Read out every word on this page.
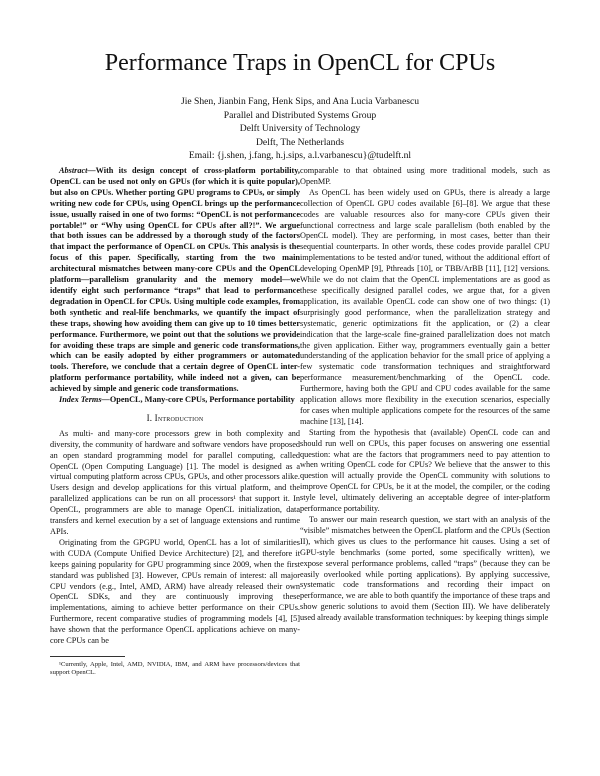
Performance Traps in OpenCL for CPUs
Jie Shen, Jianbin Fang, Henk Sips, and Ana Lucia Varbanescu
Parallel and Distributed Systems Group
Delft University of Technology
Delft, The Netherlands
Email: {j.shen, j.fang, h.j.sips, a.l.varbanescu}@tudelft.nl

Abstract—With its design concept of cross-platform portability, OpenCL can be used not only on GPUs (for which it is quite popular), but also on CPUs. Whether porting GPU programs to CPUs, or simply writing new code for CPUs, using OpenCL brings up the performance issue, usually raised in one of two forms: “OpenCL is not performance portable!” or “Why using OpenCL for CPUs after all?!”. We argue that both issues can be addressed by a thorough study of the factors that impact the performance of OpenCL on CPUs. This analysis is the focus of this paper. Specifically, starting from the two main architectural mismatches between many-core CPUs and the OpenCL platform—parallelism granularity and the memory model—we identify eight such performance “traps” that lead to performance degradation in OpenCL for CPUs. Using multiple code examples, from both synthetic and real-life benchmarks, we quantify the impact of these traps, showing how avoiding them can give up to 10 times better performance. Furthermore, we point out that the solutions we provide for avoiding these traps are simple and generic code transformations, which can be easily adopted by either programmers or automated tools. Therefore, we conclude that a certain degree of OpenCL inter-platform performance portability, while indeed not a given, can be achieved by simple and generic code transformations.

Index Terms—OpenCL, Many-core CPUs, Performance portability

I. Introduction

As multi- and many-core processors grew in both complexity and diversity, the community of hardware and software vendors have proposed an open standard programming model for parallel computing, called OpenCL (Open Computing Language) [1]. The model is designed as a virtual computing platform across CPUs, GPUs, and other processors alike. Users design and develop applications for this virtual platform, and the parallelized applications can be run on all processors¹ that support it. In OpenCL, programmers are able to manage OpenCL initialization, data transfers and kernel execution by a set of language extensions and runtime APIs.

Originating from the GPGPU world, OpenCL has a lot of similarities with CUDA (Compute Unified Device Architecture) [2], and therefore it keeps gaining popularity for GPU programming since 2009, when the first standard was published [3]. However, CPUs remain of interest: all major CPU vendors (e.g., Intel, AMD, ARM) have already released their own OpenCL SDKs, and they are continuously improving these implementations, aiming to achieve better performance on their CPUs. Furthermore, recent comparative studies of programming models [4], [5] have shown that the performance OpenCL applications achieve on many-core CPUs can be

¹Currently, Apple, Intel, AMD, NVIDIA, IBM, and ARM have processors/devices that support OpenCL.

comparable to that obtained using more traditional models, such as OpenMP.

As OpenCL has been widely used on GPUs, there is already a large collection of OpenCL GPU codes available [6]–[8]. We argue that these codes are valuable resources also for many-core CPUs given their functional correctness and large scale parallelism (both enabled by the OpenCL model). They are performing, in most cases, better than their sequential counterparts. In other words, these codes provide parallel CPU implementations to be tested and/or tuned, without the additional effort of developing OpenMP [9], Pthreads [10], or TBB/ArBB [11], [12] versions. While we do not claim that the OpenCL implementations are as good as these specifically designed parallel codes, we argue that, for a given application, its available OpenCL code can show one of two things: (1) surprisingly good performance, when the parallelization strategy and systematic, generic optimizations fit the application, or (2) a clear indication that the large-scale fine-grained parallelization does not match the given application. Either way, programmers eventually gain a better understanding of the application behavior for the small price of applying a few systematic code transformation techniques and straightforward performance measurement/benchmarking of the OpenCL code. Furthermore, having both the GPU and CPU codes available for the same application allows more flexibility in the execution scenarios, especially for cases when multiple applications compete for the resources of the same machine [13], [14].

Starting from the hypothesis that (available) OpenCL code can and should run well on CPUs, this paper focuses on answering one essential question: what are the factors that programmers need to pay attention to when writing OpenCL code for CPUs? We believe that the answer to this question will actually provide the OpenCL community with solutions to improve OpenCL for CPUs, be it at the model, the compiler, or the coding style level, ultimately delivering an acceptable degree of inter-platform performance portability.

To answer our main research question, we start with an analysis of the “visible” mismatches between the OpenCL platform and the CPUs (Section II), which gives us clues to the performance hit causes. Using a set of GPU-style benchmarks (some ported, some specifically written), we expose several performance problems, called “traps” (because they can be easily overlooked while porting applications). By applying successive, systematic code transformations and recording their impact on performance, we are able to both quantify the importance of these traps and show generic solutions to avoid them (Section III). We have deliberately used already available transformation techniques: by keeping things simple
